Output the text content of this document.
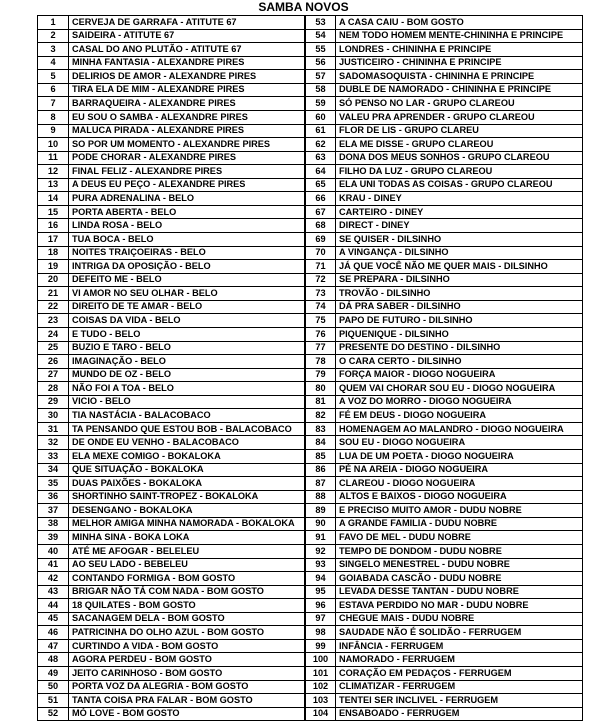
SAMBA NOVOS
1	CERVEJA DE GARRAFA - ATITUTE 67
2	SAIDEIRA - ATITUTE 67
3	CASAL DO ANO PLUTÃO - ATITUTE 67
4	MINHA FANTASIA - ALEXANDRE PIRES
5	DELIRIOS DE AMOR - ALEXANDRE PIRES
6	TIRA ELA DE MIM - ALEXANDRE PIRES
7	BARRAQUEIRA - ALEXANDRE PIRES
8	EU SOU O SAMBA - ALEXANDRE PIRES
9	MALUCA PIRADA - ALEXANDRE PIRES
10	SO POR UM MOMENTO - ALEXANDRE PIRES
11	PODE CHORAR - ALEXANDRE PIRES
12	FINAL FELIZ - ALEXANDRE PIRES
13	A DEUS EU PEÇO - ALEXANDRE PIRES
14	PURA ADRENALINA - BELO
15	PORTA ABERTA - BELO
16	LINDA ROSA - BELO
17	TUA BOCA - BELO
18	NOITES TRAIÇOEIRAS - BELO
19	INTRIGA DA OPOSIÇÃO - BELO
20	DEFEITO ME - BELO
21	VI AMOR NO SEU OLHAR - BELO
22	DIREITO DE TE AMAR - BELO
23	COISAS DA VIDA - BELO
24	E TUDO - BELO
25	BUZIO E TARO - BELO
26	IMAGINAÇÃO - BELO
27	MUNDO DE OZ - BELO
28	NÃO FOI A TOA - BELO
29	VICIO - BELO
30	TIA NASTÁCIA - BALACOBACO
31	TA PENSANDO QUE ESTOU BOB - BALACOBACO
32	DE ONDE EU VENHO - BALACOBACO
33	ELA MEXE COMIGO - BOKALOKA
34	QUE SITUAÇÃO - BOKALOKA
35	DUAS PAIXÕES - BOKALOKA
36	SHORTINHO SAINT-TROPEZ - BOKALOKA
37	DESENGANO - BOKALOKA
38	MELHOR AMIGA MINHA NAMORADA - BOKALOKA
39	MINHA SINA - BOKA LOKA
40	ATÉ ME AFOGAR - BELELEU
41	AO SEU LADO - BEBELEU
42	CONTANDO FORMIGA - BOM GOSTO
43	BRIGAR NÃO TÁ COM NADA - BOM GOSTO
44	18 QUILATES - BOM GOSTO
45	SACANAGEM DELA - BOM GOSTO
46	PATRICINHA DO OLHO AZUL - BOM GOSTO
47	CURTINDO A VIDA - BOM GOSTO
48	AGORA PERDEU - BOM GOSTO
49	JEITO CARINHOSO - BOM GOSTO
50	PORTA VOZ DA ALEGRIA - BOM GOSTO
51	TANTA COISA PRA FALAR - BOM GOSTO
52	MÓ LOVE - BOM GOSTO
53	A CASA CAIU - BOM GOSTO
54	NEM TODO HOMEM MENTE-CHININHA E PRINCIPE
55	LONDRES - CHININHA E PRINCIPE
56	JUSTICEIRO - CHININHA E PRINCIPE
57	SADOMASOQUISTA - CHININHA E PRINCIPE
58	DUBLE DE NAMORADO - CHININHA E PRINCIPE
59	SÓ PENSO NO LAR - GRUPO CLAREOU
60	VALEU PRA APRENDER - GRUPO CLAREOU
61	FLOR DE LIS - GRUPO CLAREU
62	ELA ME DISSE - GRUPO CLAREOU
63	DONA DOS MEUS SONHOS - GRUPO CLAREOU
64	FILHO DA LUZ - GRUPO CLAREOU
65	ELA UNI TODAS AS COISAS - GRUPO CLAREOU
66	KRAU - DINEY
67	CARTEIRO - DINEY
68	DIRECT - DINEY
69	SE QUISER - DILSINHO
70	A VINGANÇA - DILSINHO
71	JÁ QUE VOCÊ NÃO ME QUER MAIS - DILSINHO
72	SE PREPARA - DILSINHO
73	TROVÃO - DILSINHO
74	DÁ PRA SABER - DILSINHO
75	PAPO DE FUTURO - DILSINHO
76	PIQUENIQUE - DILSINHO
77	PRESENTE DO DESTINO - DILSINHO
78	O CARA CERTO - DILSINHO
79	FORÇA MAIOR - DIOGO NOGUEIRA
80	QUEM VAI CHORAR SOU EU - DIOGO NOGUEIRA
81	A VOZ DO MORRO - DIOGO NOGUEIRA
82	FÉ EM DEUS - DIOGO NOGUEIRA
83	HOMENAGEM AO MALANDRO - DIOGO NOGUEIRA
84	SOU EU - DIOGO NOGUEIRA
85	LUA DE UM POETA - DIOGO NOGUEIRA
86	PÉ NA AREIA - DIOGO NOGUEIRA
87	CLAREOU - DIOGO NOGUEIRA
88	ALTOS E BAIXOS - DIOGO NOGUEIRA
89	E PRECISO MUITO AMOR - DUDU NOBRE
90	A GRANDE FAMILIA - DUDU NOBRE
91	FAVO DE MEL - DUDU NOBRE
92	TEMPO DE DONDOM - DUDU NOBRE
93	SINGELO MENESTREL - DUDU NOBRE
94	GOIABADA CASCÃO - DUDU NOBRE
95	LEVADA DESSE TANTAN - DUDU NOBRE
96	ESTAVA PERDIDO NO MAR - DUDU NOBRE
97	CHEGUE MAIS - DUDU NOBRE
98	SAUDADE NÃO É SOLIDÃO - FERRUGEM
99	INFÂNCIA - FERRUGEM
100	NAMORADO - FERRUGEM
101	CORAÇÃO EM PEDAÇOS - FERRUGEM
102	CLIMATIZAR - FERRUGEM
103	TENTEI SER INCLIVEL - FERRUGEM
104	ENSABOADO - FERRUGEM
